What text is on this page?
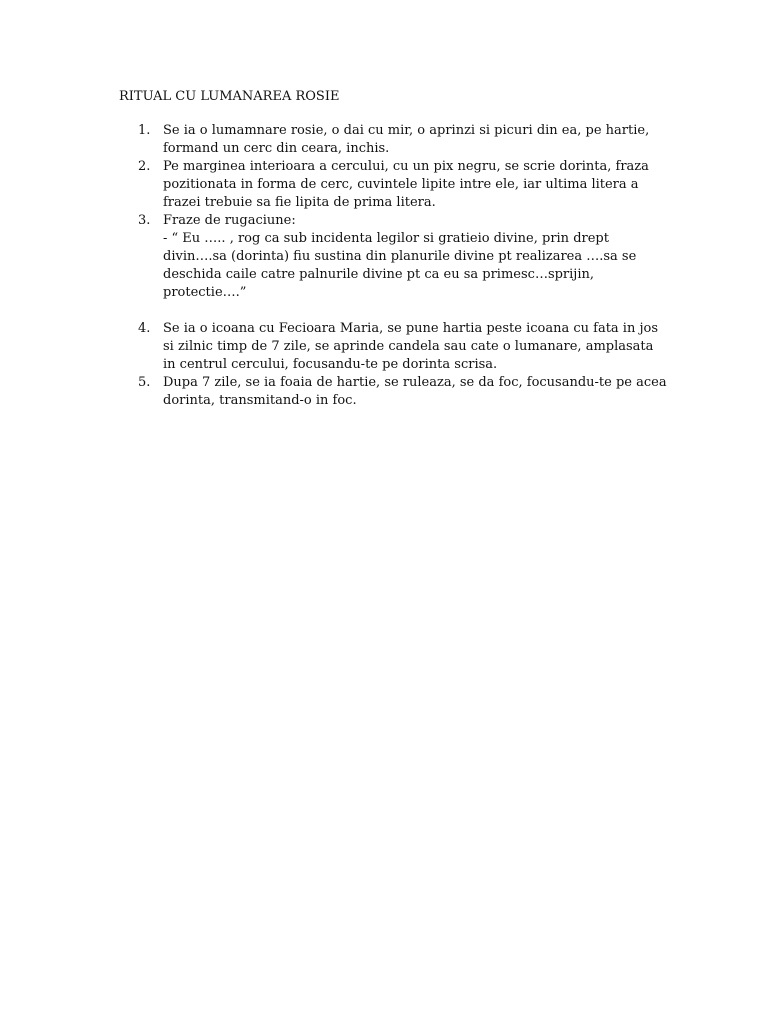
RITUAL CU LUMANAREA ROSIE
1. Se ia o lumamnare rosie, o dai cu mir, o aprinzi si picuri din ea, pe hartie,
formand un cerc din ceara, inchis.
2. Pe marginea interioara a cercului, cu un pix negru, se scrie dorinta, fraza
pozitionata in forma de cerc, cuvintele lipite intre ele, iar ultima litera a
frazei trebuie sa fie lipita de prima litera.
3. Fraze de rugaciune:
- “ Eu ….. , rog ca sub incidenta legilor si gratieio divine, prin drept
divin….sa (dorinta) fiu sustina din planurile divine pt realizarea ….sa se
deschida caile catre palnurile divine pt ca eu sa primesc…sprijin,
protectie….”
4. Se ia o icoana cu Fecioara Maria, se pune hartia peste icoana cu fata in jos
si zilnic timp de 7 zile, se aprinde candela sau cate o lumanare, amplasata
in centrul cercului, focusandu-te pe dorinta scrisa.
5. Dupa 7 zile, se ia foaia de hartie, se ruleaza, se da foc, focusandu-te pe acea
dorinta, transmitand-o in foc.
